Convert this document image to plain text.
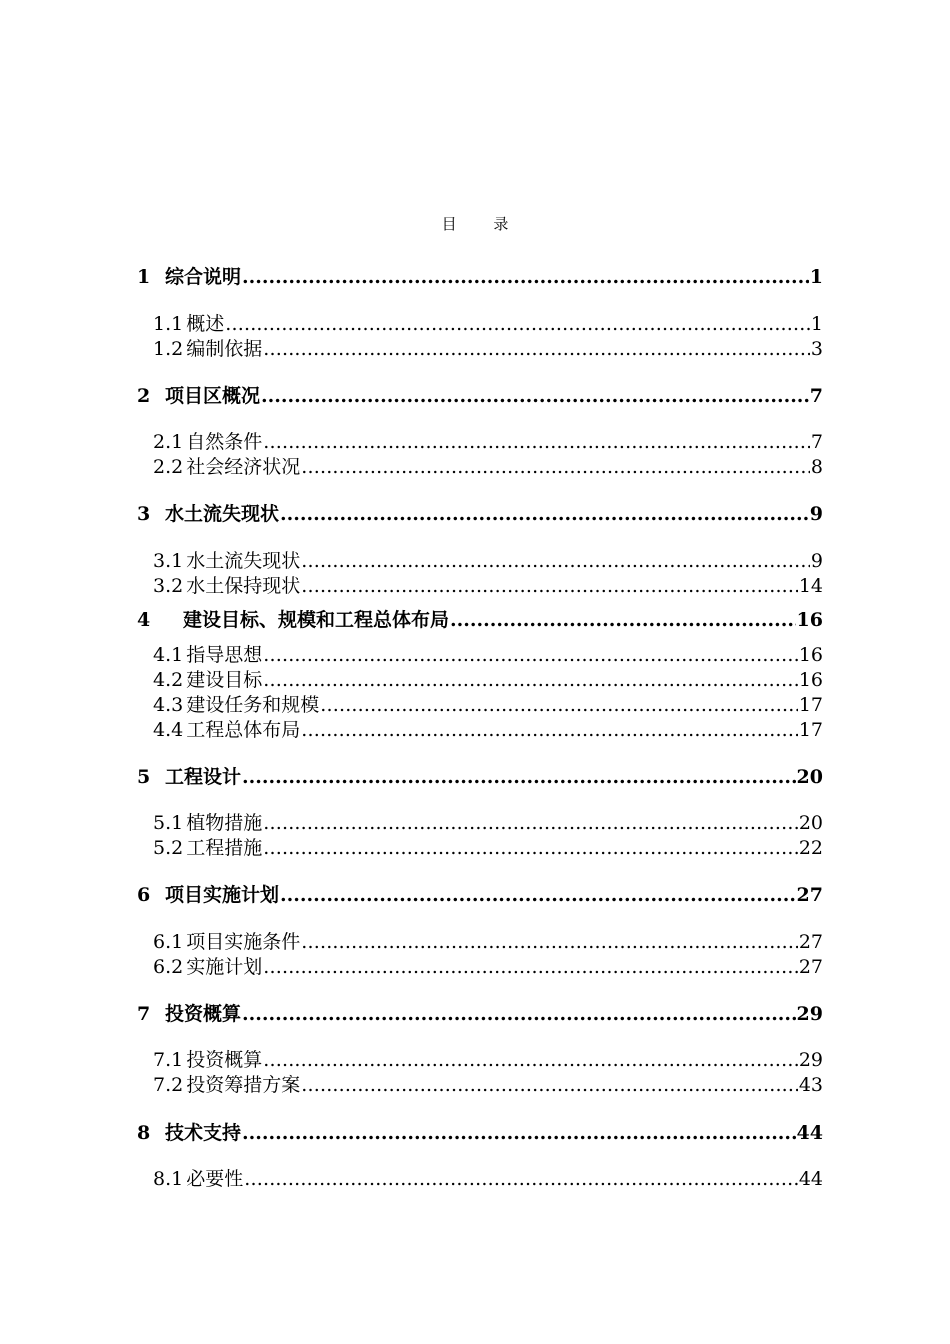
目 录
1 综合说明 .....	1
1.1 概述 .....	1
1.2 编制依据 .....	3
2 项目区概况 .....	7
2.1 自然条件 .....	7
2.2 社会经济状况 .....	8
3 水土流失现状 .....	9
3.1 水土流失现状 .....	9
3.2 水土保持现状 .....	14
4	建设目标、规模和工程总体布局 .....	16
4.1 指导思想 .....	16
4.2 建设目标 .....	16
4.3 建设任务和规模 .....	17
4.4 工程总体布局 .....	17
5 工程设计 .....	20
5.1 植物措施 .....	20
5.2 工程措施 .....	22
6 项目实施计划 .....	27
6.1 项目实施条件 .....	27
6.2 实施计划 .....	27
7 投资概算 .....	29
7.1 投资概算 .....	29
7.2 投资筹措方案 .....	43
8 技术支持 .....	44
8.1 必要性 .....	44
